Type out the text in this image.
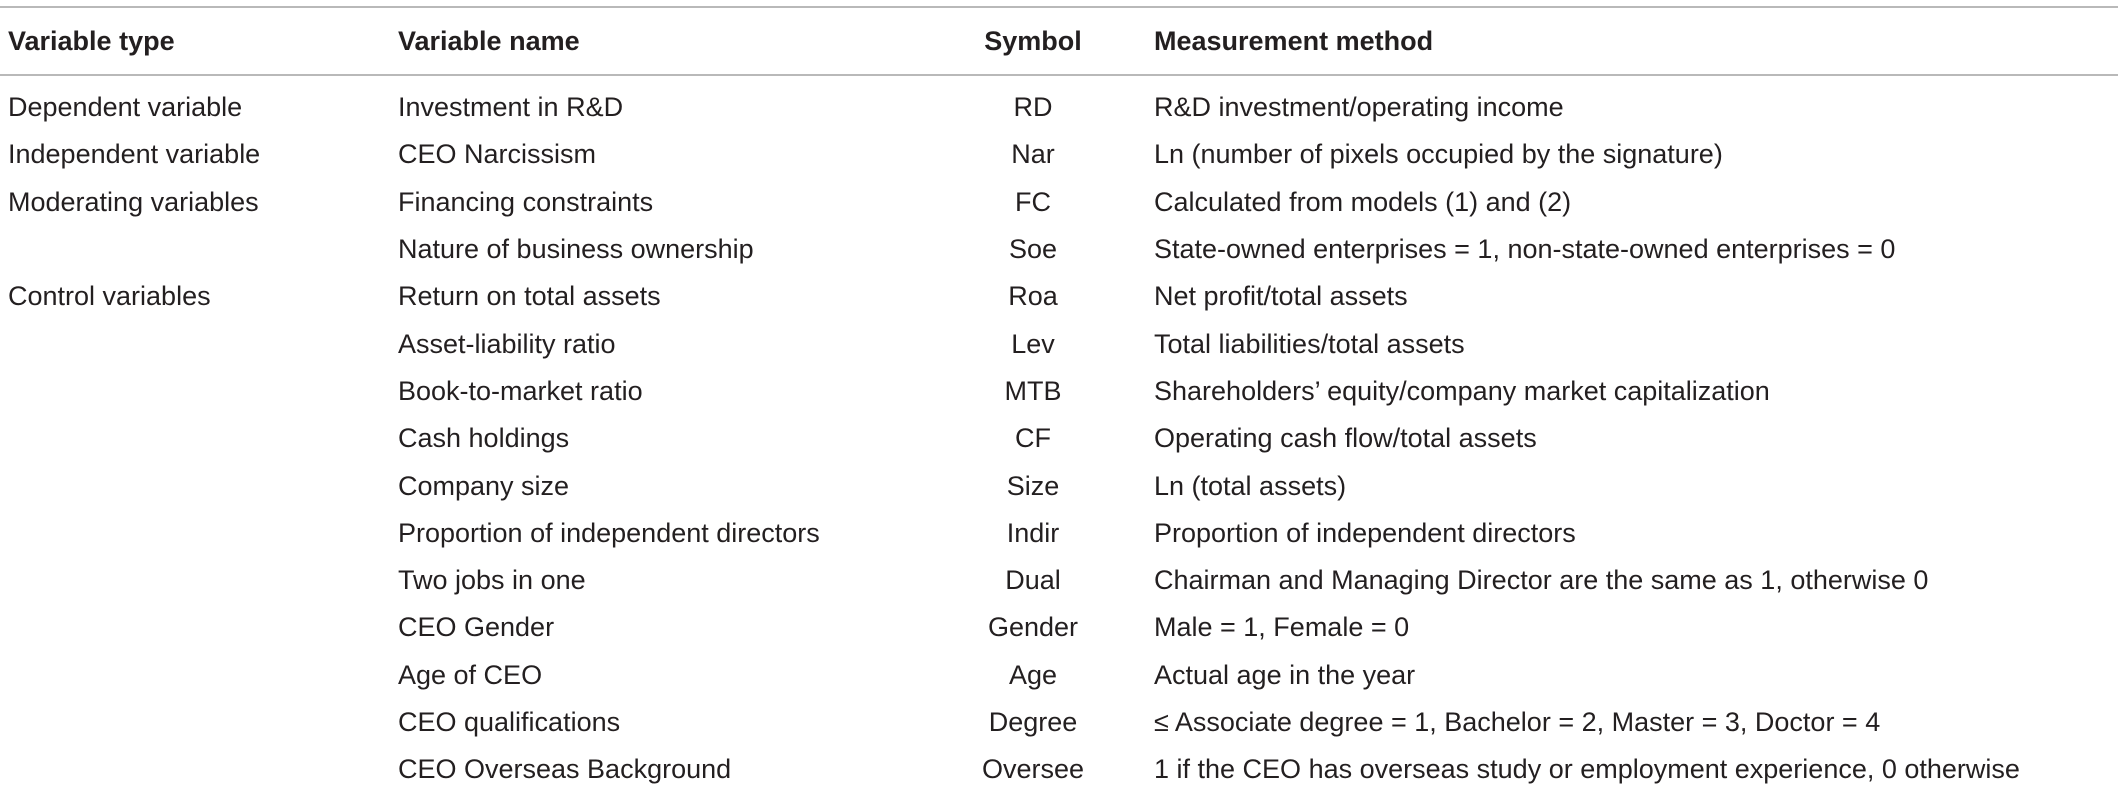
Variable type	Variable name	Symbol	Measurement method
Dependent variable	Investment in R&D	RD	R&D investment/operating income
Independent variable	CEO Narcissism	Nar	Ln (number of pixels occupied by the signature)
Moderating variables	Financing constraints	FC	Calculated from models (1) and (2)
	Nature of business ownership	Soe	State-owned enterprises = 1, non-state-owned enterprises = 0
Control variables	Return on total assets	Roa	Net profit/total assets
	Asset-liability ratio	Lev	Total liabilities/total assets
	Book-to-market ratio	MTB	Shareholders’ equity/company market capitalization
	Cash holdings	CF	Operating cash flow/total assets
	Company size	Size	Ln (total assets)
	Proportion of independent directors	Indir	Proportion of independent directors
	Two jobs in one	Dual	Chairman and Managing Director are the same as 1, otherwise 0
	CEO Gender	Gender	Male = 1, Female = 0
	Age of CEO	Age	Actual age in the year
	CEO qualifications	Degree	≤ Associate degree = 1, Bachelor = 2, Master = 3, Doctor = 4
	CEO Overseas Background	Oversee	1 if the CEO has overseas study or employment experience, 0 otherwise
